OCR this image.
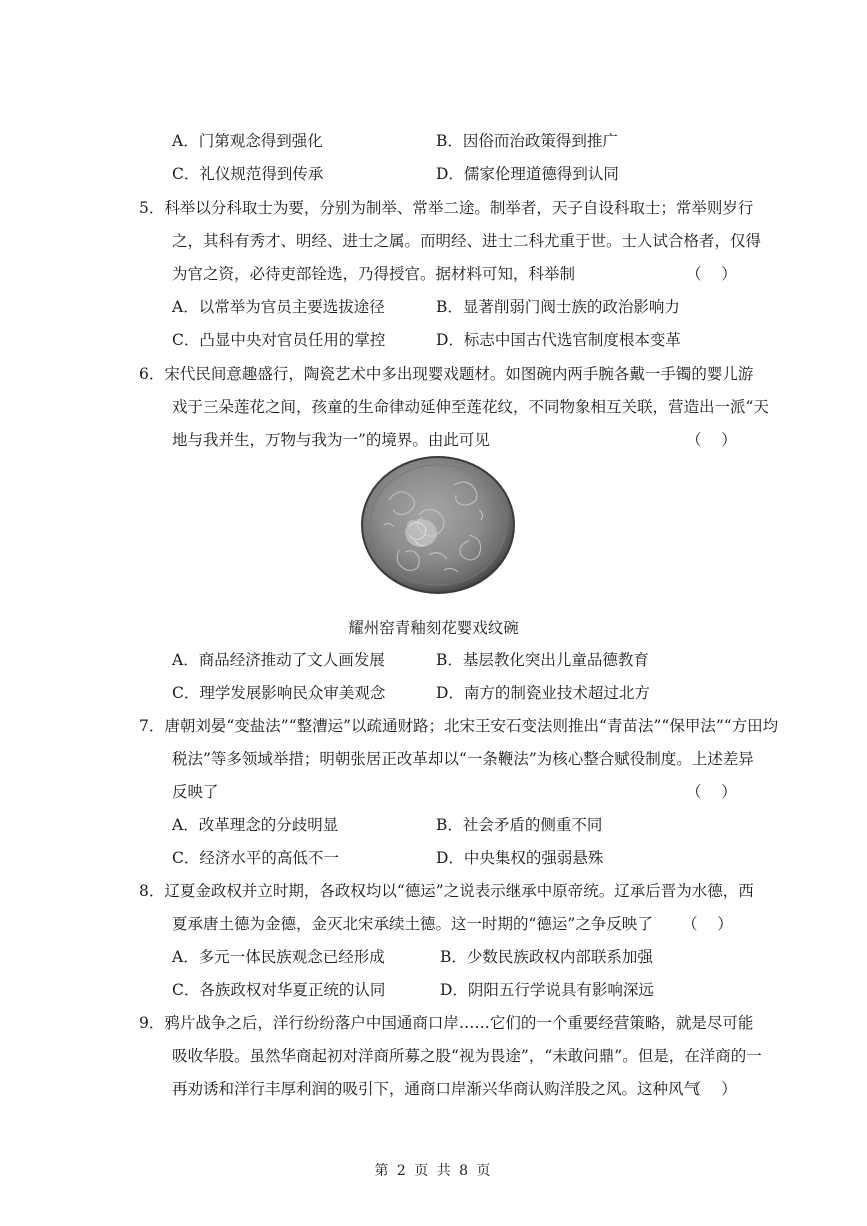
A．门第观念得到强化	B．因俗而治政策得到推广
C．礼仪规范得到传承	D．儒家伦理道德得到认同
5．科举以分科取士为要，分别为制举、常举二途。制举者，天子自设科取士；常举则岁行
之，其科有秀才、明经、进士之属。而明经、进士二科尤重于世。士人试合格者，仅得
为官之资，必待吏部铨选，乃得授官。据材料可知，科举制	（    ）
A．以常举为官员主要选拔途径	B．显著削弱门阀士族的政治影响力
C．凸显中央对官员任用的掌控	D．标志中国古代选官制度根本变革
6．宋代民间意趣盛行，陶瓷艺术中多出现婴戏题材。如图碗内两手腕各戴一手镯的婴儿游
戏于三朵莲花之间，孩童的生命律动延伸至莲花纹，不同物象相互关联，营造出一派“天
地与我并生，万物与我为一”的境界。由此可见	（    ）
耀州窑青釉刻花婴戏纹碗
A．商品经济推动了文人画发展	B．基层教化突出儿童品德教育
C．理学发展影响民众审美观念	D．南方的制瓷业技术超过北方
7．唐朝刘晏“变盐法”“整漕运”以疏通财路；北宋王安石变法则推出“青苗法”“保甲法”“方田均
税法”等多领域举措；明朝张居正改革却以“一条鞭法”为核心整合赋役制度。上述差异
反映了	（    ）
A．改革理念的分歧明显	B．社会矛盾的侧重不同
C．经济水平的高低不一	D．中央集权的强弱悬殊
8．辽夏金政权并立时期，各政权均以“德运”之说表示继承中原帝统。辽承后晋为水德，西
夏承唐土德为金德，金灭北宋承续土德。这一时期的“德运”之争反映了 （    ）
A．多元一体民族观念已经形成	B．少数民族政权内部联系加强
C．各族政权对华夏正统的认同	D．阴阳五行学说具有影响深远
9．鸦片战争之后，洋行纷纷落户中国通商口岸……它们的一个重要经营策略，就是尽可能
吸收华股。虽然华商起初对洋商所募之股“视为畏途”，“未敢问鼎”。但是，在洋商的一
再劝诱和洋行丰厚利润的吸引下，通商口岸渐兴华商认购洋股之风。这种风气
（    ）
第 2 页 共 8 页
